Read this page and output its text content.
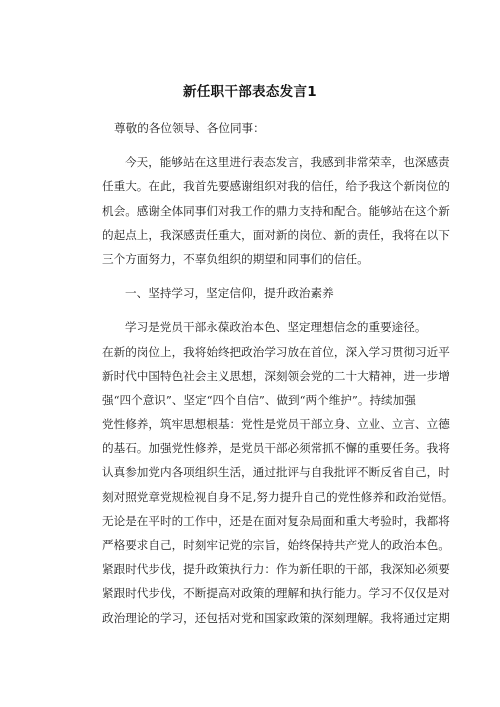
新任职干部表态发言1
尊敬的各位领导、各位同事：
今天，能够站在这里进行表态发言，我感到非常荣幸，也深感责
任重大。在此，我首先要感谢组织对我的信任，给予我这个新岗位的
机会。感谢全体同事们对我工作的鼎力支持和配合。能够站在这个新
的起点上，我深感责任重大，面对新的岗位、新的责任，我将在以下
三个方面努力，不辜负组织的期望和同事们的信任。
一、坚持学习，坚定信仰，提升政治素养
学习是党员干部永葆政治本色、坚定理想信念的重要途径。
在新的岗位上，我将始终把政治学习放在首位，深入学习贯彻习近平
新时代中国特色社会主义思想，深刻领会党的二十大精神，进一步增
强“四个意识”、坚定“四个自信”、做到“两个维护”。持续加强
党性修养，筑牢思想根基：党性是党员干部立身、立业、立言、立德
的基石。加强党性修养，是党员干部必须常抓不懈的重要任务。我将
认真参加党内各项组织生活，通过批评与自我批评不断反省自己，时
刻对照党章党规检视自身不足,努力提升自己的党性修养和政治觉悟。
无论是在平时的工作中，还是在面对复杂局面和重大考验时，我都将
严格要求自己，时刻牢记党的宗旨，始终保持共产党人的政治本色。
紧跟时代步伐，提升政策执行力：作为新任职的干部，我深知必须要
紧跟时代步伐，不断提高对政策的理解和执行能力。学习不仅仅是对
政治理论的学习，还包括对党和国家政策的深刻理解。我将通过定期
